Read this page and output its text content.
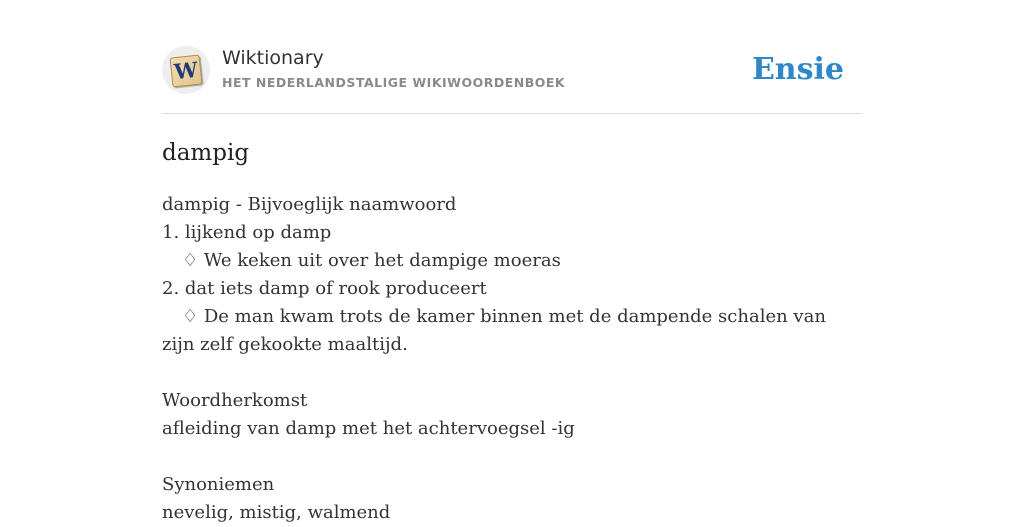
W Wiktionary
HET NEDERLANDSTALIGE WIKIWOORDENBOEK	Ensie
dampig
dampig - Bijvoeglijk naamwoord
1. lijkend op damp
♢ We keken uit over het dampige moeras
2. dat iets damp of rook produceert
♢ De man kwam trots de kamer binnen met de dampende schalen van zijn zelf gekookte maaltijd.
Woordherkomst
afleiding van damp met het achtervoegsel -ig
Synoniemen
nevelig, mistig, walmend
